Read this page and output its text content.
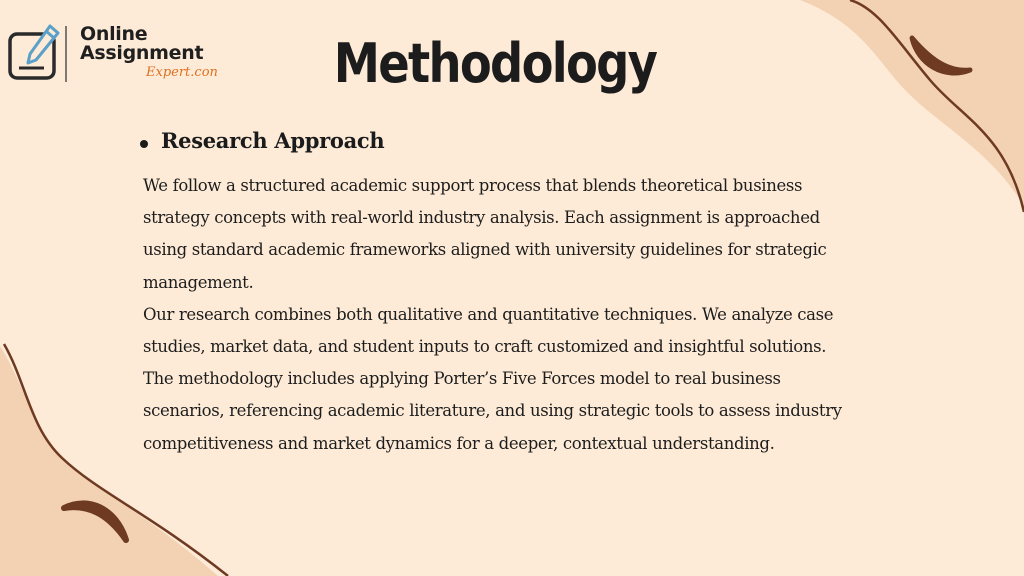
Online
Assignment
Expert.con	Methodology
Research Approach
We follow a structured academic support process that blends theoretical business
strategy concepts with real-world industry analysis. Each assignment is approached
using standard academic frameworks aligned with university guidelines for strategic
management.
Our research combines both qualitative and quantitative techniques. We analyze case
studies, market data, and student inputs to craft customized and insightful solutions.
The methodology includes applying Porter’s Five Forces model to real business
scenarios, referencing academic literature, and using strategic tools to assess industry
competitiveness and market dynamics for a deeper, contextual understanding.
